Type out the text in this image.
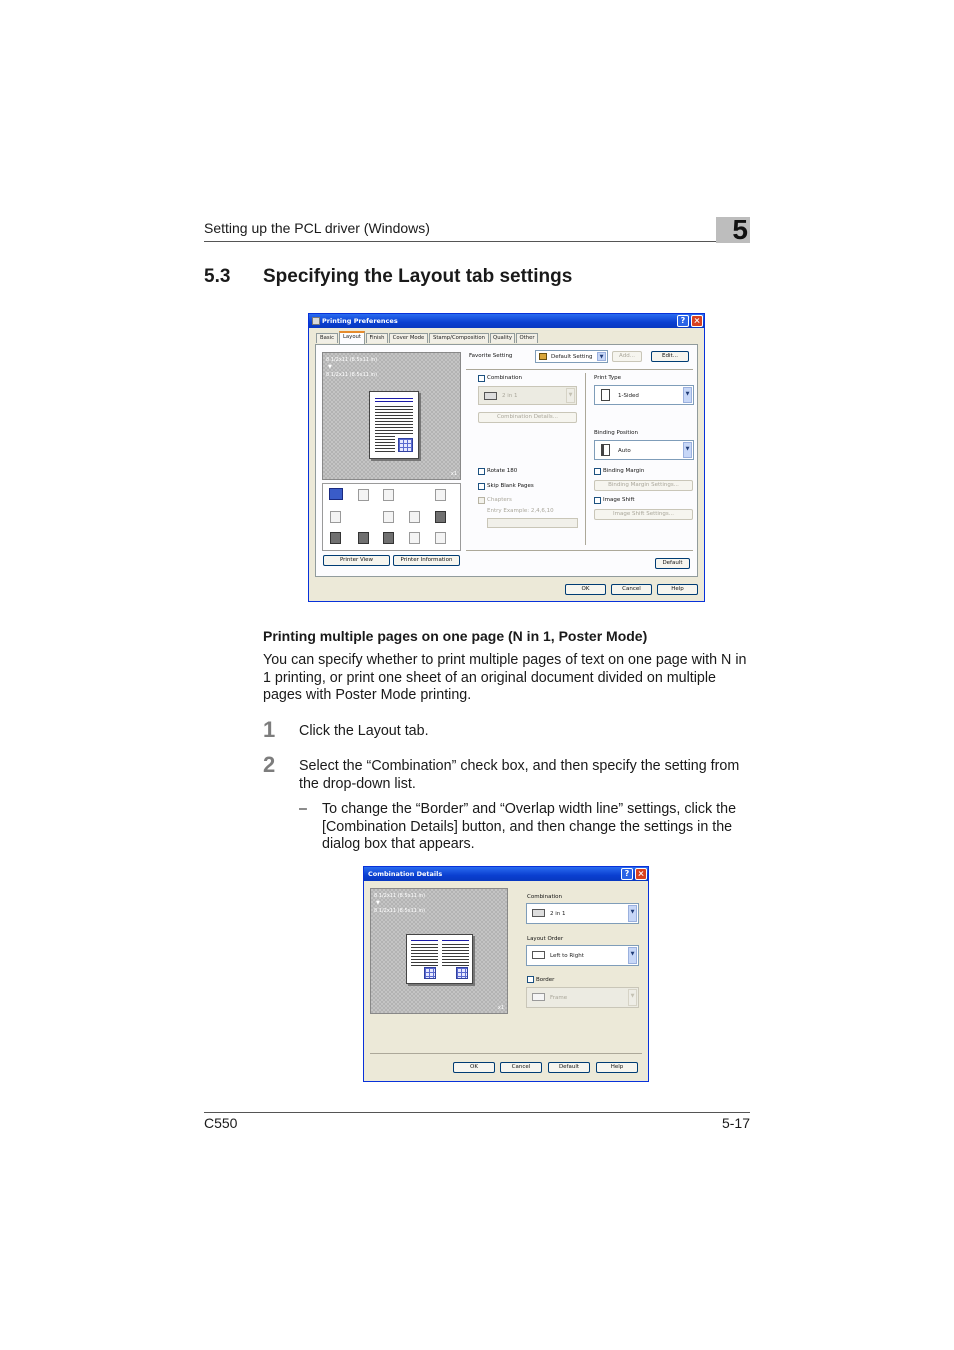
Setting up the PCL driver (Windows)	5
5.3 Specifying the Layout tab settings
Printing Preferences	?
Basic	Layout	Finish	Cover Mode	Stamp/Composition	Quality	Other
8 1/2x11 (8.5x11 in)
▼
8 1/2x11 (8.5x11 in)
x1
Printer View	Printer Information
Favorite Setting	Default Setting	▼	Add...	Edit...
Combination
2 in 1	▼
Combination Details...
Rotate 180
Skip Blank Pages
Chapters
Entry Example: 2,4,6,10
Print Type
1-Sided	▼
Binding Position
Auto	▼
Binding Margin
Binding Margin Settings...
Image Shift
Image Shift Settings...
Default
OK	Cancel	Help
Printing multiple pages on one page (N in 1, Poster Mode)
You can specify whether to print multiple pages of text on one page with N in 1 printing, or print one sheet of an original document divided on multiple pages with Poster Mode printing.
1 Click the Layout tab.
2 Select the “Combination” check box, and then specify the setting from the drop-down list.
– To change the “Border” and “Overlap width line” settings, click the [Combination Details] button, and then change the settings in the dialog box that appears.
Combination Details	?
8 1/2x11 (8.5x11 in)
▼
8 1/2x11 (8.5x11 in)
x1
Combination
2 in 1	▼
Layout Order
Left to Right	▼
Border
Frame	▼
OK	Cancel	Default	Help
C550	5-17
